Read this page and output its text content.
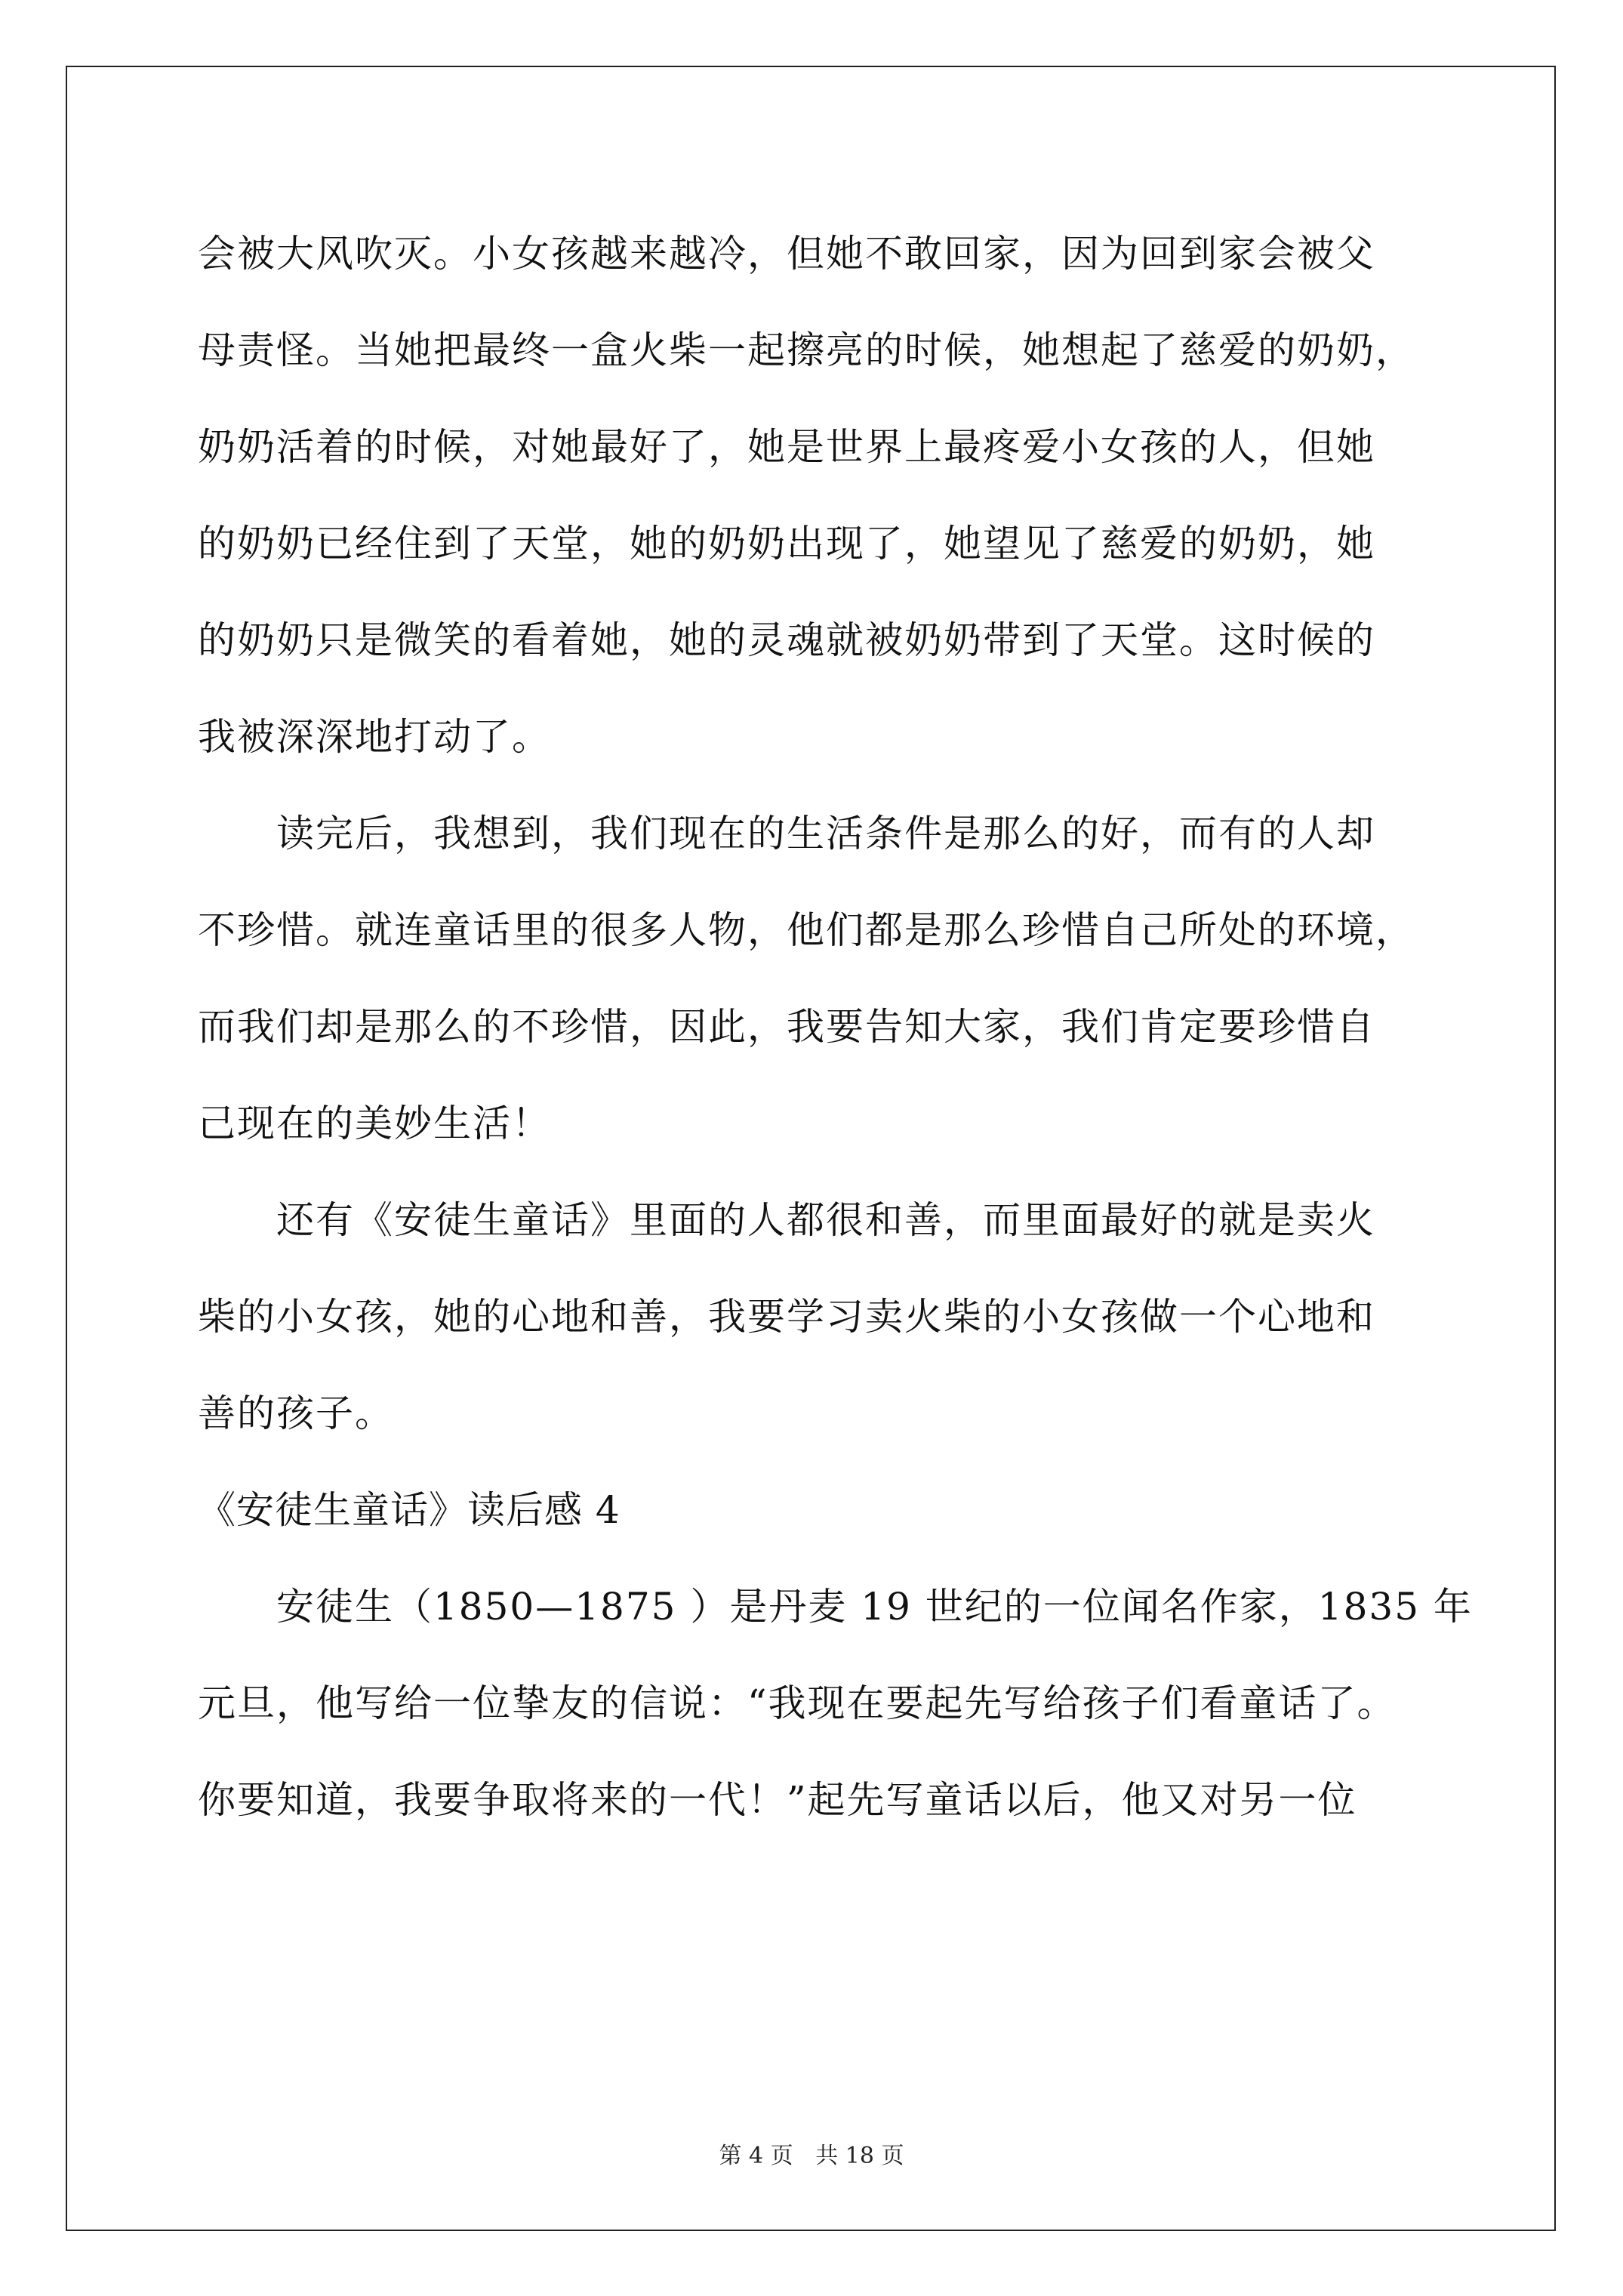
会被大风吹灭。小女孩越来越冷，但她不敢回家，因为回到家会被父
母责怪。当她把最终一盒火柴一起擦亮的时候，她想起了慈爱的奶奶，
奶奶活着的时候，对她最好了，她是世界上最疼爱小女孩的人，但她
的奶奶已经住到了天堂，她的奶奶出现了，她望见了慈爱的奶奶，她
的奶奶只是微笑的看着她，她的灵魂就被奶奶带到了天堂。这时候的
我被深深地打动了。
读完后，我想到，我们现在的生活条件是那么的好，而有的人却
不珍惜。就连童话里的很多人物，他们都是那么珍惜自己所处的环境，
而我们却是那么的不珍惜，因此，我要告知大家，我们肯定要珍惜自
己现在的美妙生活！
还有《安徒生童话》里面的人都很和善，而里面最好的就是卖火
柴的小女孩，她的心地和善，我要学习卖火柴的小女孩做一个心地和
善的孩子。
《安徒生童话》读后感 4
安徒生（1850—1875 ）是丹麦 19 世纪的一位闻名作家，1835 年
元旦，他写给一位挚友的信说：“我现在要起先写给孩子们看童话了。
你要知道，我要争取将来的一代！”起先写童话以后，他又对另一位
第 4 页 共 18 页
